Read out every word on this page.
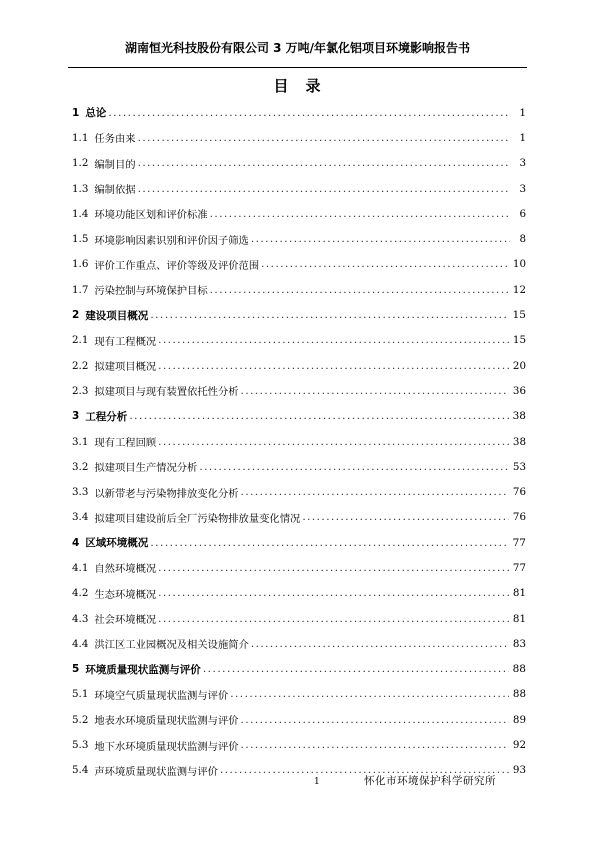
湖南恒光科技股份有限公司 3 万吨/年氯化铝项目环境影响报告书
目　录
1 总论 .....	1
1.1 任务由来 .....	1
1.2 编制目的 .....	3
1.3 编制依据 .....	3
1.4 环境功能区划和评价标准 .....	6
1.5 环境影响因素识别和评价因子筛选 .....	8
1.6 评价工作重点、评价等级及评价范围 .....	10
1.7 污染控制与环境保护目标 .....	12
2 建设项目概况 .....	15
2.1 现有工程概况 .....	15
2.2 拟建项目概况 .....	20
2.3 拟建项目与现有装置依托性分析 .....	36
3 工程分析 .....	38
3.1 现有工程回顾 .....	38
3.2 拟建项目生产情况分析 .....	53
3.3 以新带老与污染物排放变化分析 .....	76
3.4 拟建项目建设前后全厂污染物排放量变化情况 .....	76
4 区域环境概况 .....	77
4.1 自然环境概况 .....	77
4.2 生态环境概况 .....	81
4.3 社会环境概况 .....	81
4.4 洪江区工业园概况及相关设施简介 .....	83
5 环境质量现状监测与评价 .....	88
5.1 环境空气质量现状监测与评价 .....	88
5.2 地表水环境质量现状监测与评价 .....	89
5.3 地下水环境质量现状监测与评价 .....	92
5.4 声环境质量现状监测与评价 .....	93
1	怀化市环境保护科学研究所
